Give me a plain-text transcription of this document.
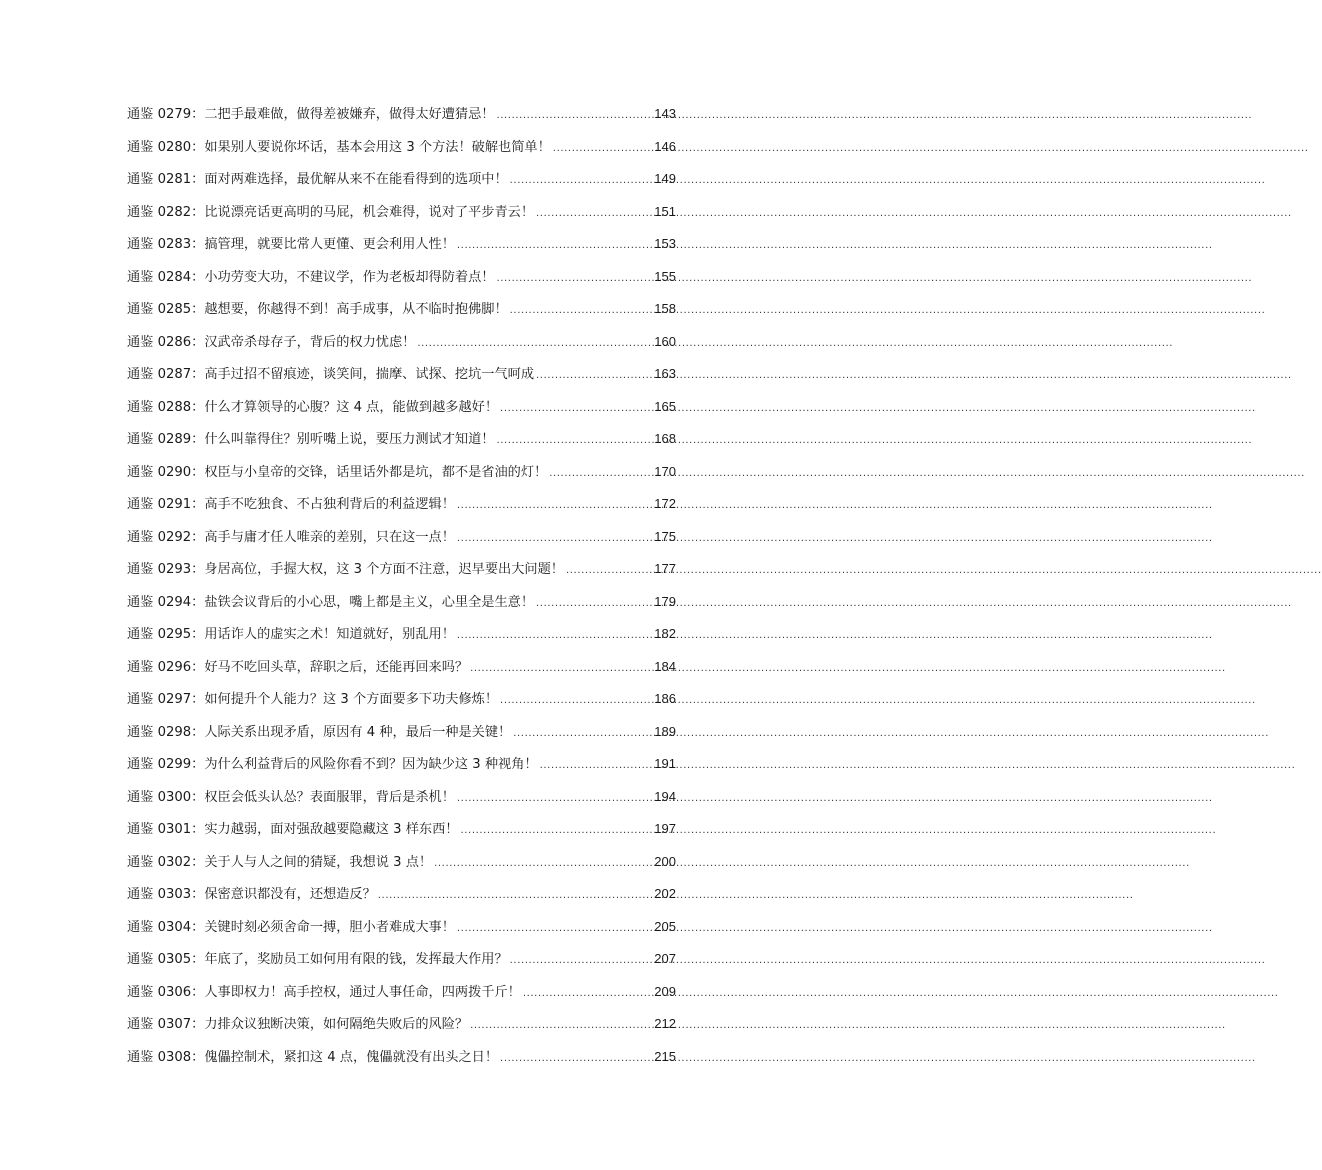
通鉴 0279： 二把手最难做，做得差被嫌弃，做得太好遭猜忌！ .....	143
通鉴 0280： 如果别人要说你坏话，基本会用这 3 个方法！破解也简单！ .....	146
通鉴 0281： 面对两难选择，最优解从来不在能看得到的选项中！ .....	149
通鉴 0282： 比说漂亮话更高明的马屁，机会难得，说对了平步青云！ .....	151
通鉴 0283： 搞管理，就要比常人更懂、更会利用人性！ .....	153
通鉴 0284： 小功劳变大功，不建议学，作为老板却得防着点！ .....	155
通鉴 0285： 越想要，你越得不到！高手成事，从不临时抱佛脚！ .....	158
通鉴 0286： 汉武帝杀母存子，背后的权力忧虑！ .....	160
通鉴 0287： 高手过招不留痕迹，谈笑间，揣摩、试探、挖坑一气呵成 .....	163
通鉴 0288： 什么才算领导的心腹？这 4 点，能做到越多越好！ .....	165
通鉴 0289： 什么叫靠得住？别听嘴上说，要压力测试才知道！ .....	168
通鉴 0290： 权臣与小皇帝的交锋，话里话外都是坑，都不是省油的灯！ .....	170
通鉴 0291： 高手不吃独食、不占独利背后的利益逻辑！ .....	172
通鉴 0292： 高手与庸才任人唯亲的差别，只在这一点！ .....	175
通鉴 0293： 身居高位，手握大权，这 3 个方面不注意，迟早要出大问题！ .....	177
通鉴 0294： 盐铁会议背后的小心思，嘴上都是主义，心里全是生意！ .....	179
通鉴 0295： 用话诈人的虚实之术！知道就好，别乱用！ .....	182
通鉴 0296： 好马不吃回头草，辞职之后，还能再回来吗？ .....	184
通鉴 0297： 如何提升个人能力？这 3 个方面要多下功夫修炼！ .....	186
通鉴 0298： 人际关系出现矛盾，原因有 4 种，最后一种是关键！ .....	189
通鉴 0299： 为什么利益背后的风险你看不到？因为缺少这 3 种视角！ .....	191
通鉴 0300： 权臣会低头认怂？表面服罪，背后是杀机！ .....	194
通鉴 0301： 实力越弱，面对强敌越要隐藏这 3 样东西！ .....	197
通鉴 0302： 关于人与人之间的猜疑，我想说 3 点！ .....	200
通鉴 0303： 保密意识都没有，还想造反？ .....	202
通鉴 0304： 关键时刻必须舍命一搏，胆小者难成大事！ .....	205
通鉴 0305： 年底了，奖励员工如何用有限的钱，发挥最大作用？ .....	207
通鉴 0306： 人事即权力！高手控权，通过人事任命，四两拨千斤！ .....	209
通鉴 0307： 力排众议独断决策，如何隔绝失败后的风险？ .....	212
通鉴 0308： 傀儡控制术，紧扣这 4 点，傀儡就没有出头之日！ .....	215
